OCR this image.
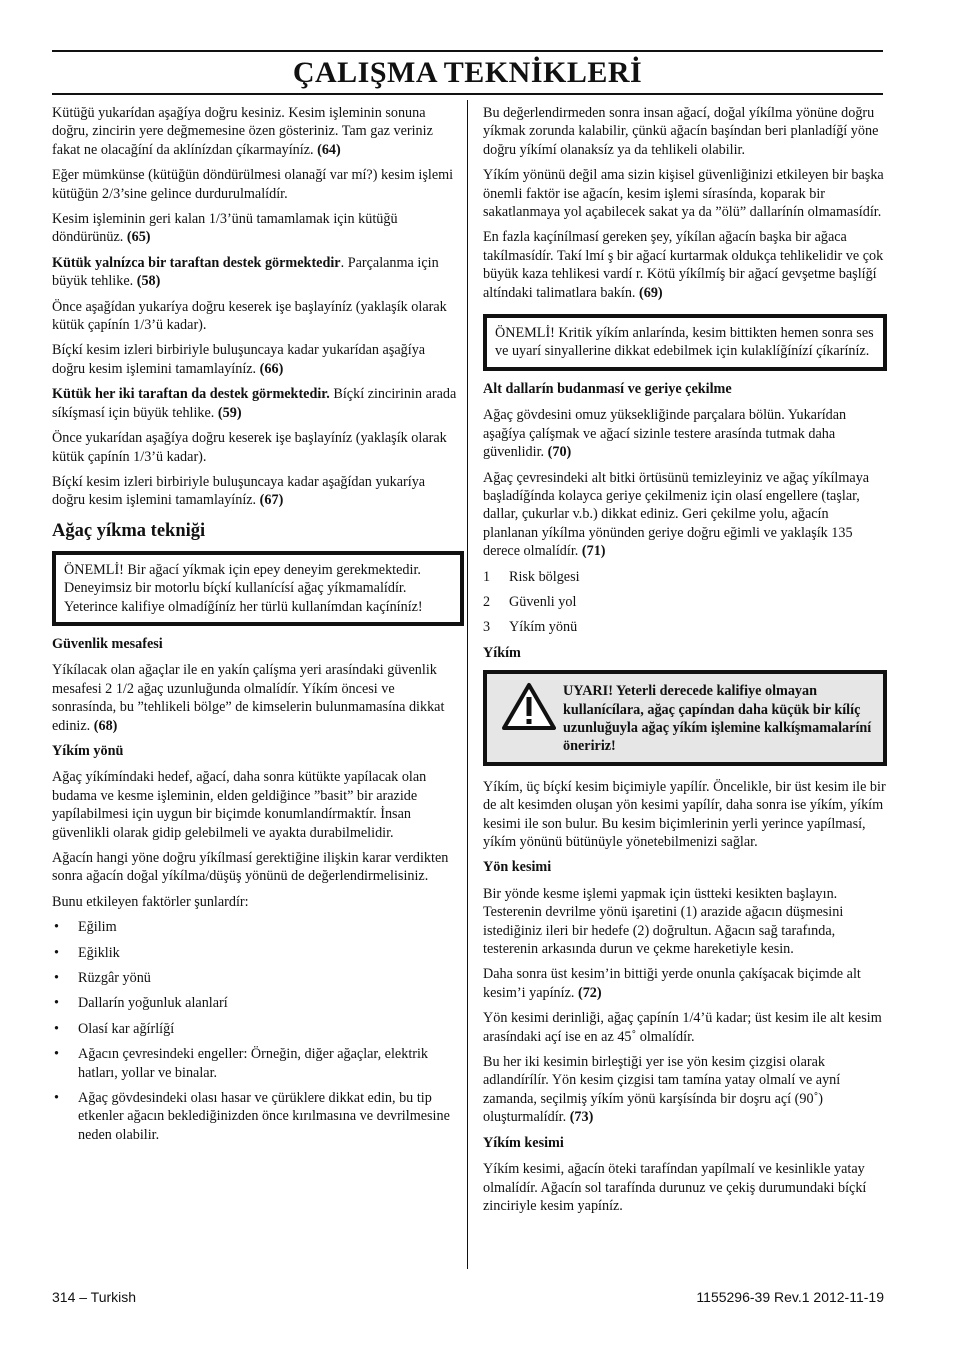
ÇALIŞMA TEKNİKLERİ

Kütüğü yukarídan aşağíya doğru kesiniz. Kesim işleminin sonuna doğru, zincirin yere değmemesine özen gösteriniz. Tam gaz veriniz fakat ne olacağíní da aklínízdan çíkarmayíníz. (64)

Eğer mümkünse (kütüğün döndürülmesi olanağí var mí?) kesim işlemi kütüğün 2/3’sine gelince durdurulmalídír.

Kesim işleminin geri kalan 1/3’ünü tamamlamak için kütüğü döndürünüz. (65)

Kütük yalnízca bir taraftan destek görmektedir. Parçalanma için büyük tehlike. (58)

Önce aşağídan yukaríya doğru keserek işe başlayíníz (yaklaşík olarak kütük çapínín 1/3’ü kadar).

Bíçkí kesim izleri birbiriyle buluşuncaya kadar yukarídan aşağíya doğru kesim işlemini tamamlayíníz. (66)

Kütük her iki taraftan da destek görmektedir. Bíçkí zincirinin arada síkíşmasí için büyük tehlike. (59)

Önce yukarídan aşağíya doğru keserek işe başlayíníz (yaklaşík olarak kütük çapínín 1/3’ü kadar).

Bíçkí kesim izleri birbiriyle buluşuncaya kadar aşağídan yukaríya doğru kesim işlemini tamamlayíníz. (67)

Ağaç yíkma tekniği
ÖNEMLİ! Bir ağací yíkmak için epey deneyim gerekmektedir. Deneyimsiz bir motorlu bíçkí kullanícísí ağaç yíkmamalídír. Yeterince kalifiye olmadíğíníz her türlü kullanímdan kaçíníníz!

Güvenlik mesafesi

Yíkílacak olan ağaçlar ile en yakín çalíşma yeri arasíndaki güvenlik mesafesi 2 1/2 ağaç uzunluğunda olmalídír. Yíkím öncesi ve sonrasínda, bu ”tehlikeli bölge” de kimselerin bulunmamasína dikkat ediniz. (68)

Yíkím yönü

Ağaç yíkímíndaki hedef, ağací, daha sonra kütükte yapílacak olan budama ve kesme işleminin, elden geldiğince ”basit” bir arazide yapílabilmesi için uygun bir biçimde konumlandírmaktír. İnsan güvenlikli olarak gidip gelebilmeli ve ayakta durabilmelidir.

Ağacín hangi yöne doğru yíkílmasí gerektiğine ilişkin karar verdikten sonra ağacín doğal yíkílma/düşüş yönünü de değerlendirmelisiniz.

Bunu etkileyen faktörler şunlardír:

• Eğilim
• Eğiklik
• Rüzgâr yönü
• Dallarín yoğunluk alanlarí
• Olasí kar ağírlíğí
• Ağacın çevresindeki engeller: Örneğin, diğer ağaçlar, elektrik hatları, yollar ve binalar.
• Ağaç gövdesindeki olası hasar ve çürüklere dikkat edin, bu tip etkenler ağacın beklediğinizden önce kırılmasına ve devrilmesine neden olabilir.

Bu değerlendirmeden sonra insan ağací, doğal yíkílma yönüne doğru yíkmak zorunda kalabilir, çünkü ağacín başíndan beri planladíğí yöne doğru yíkímí olanaksíz ya da tehlikeli olabilir.

Yíkím yönünü değil ama sizin kişisel güvenliğinizi etkileyen bir başka önemli faktör ise ağacín, kesim işlemi sírasínda, koparak bir sakatlanmaya yol açabilecek sakat ya da ”ölü” dallarínín olmamasídír.

En fazla kaçínílmasí gereken şey, yíkílan ağacín başka bir ağaca takílmasídír. Takí lmí ş bir ağací kurtarmak oldukça tehlikelidir ve çok büyük kaza tehlikesi vardí r. Kötü yíkílmíş bir ağací gevşetme başlíğí altíndaki talimatlara bakín. (69)

ÖNEMLİ! Kritik yíkím anlarínda, kesim bittikten hemen sonra ses ve uyarí sinyallerine dikkat edebilmek için kulaklíğínízí çíkaríníz.

Alt dallarín budanmasí ve geriye çekilme

Ağaç gövdesini omuz yüksekliğinde parçalara bölün. Yukarídan aşağíya çalíşmak ve ağací sizinle testere arasínda tutmak daha güvenlidir. (70)

Ağaç çevresindeki alt bitki örtüsünü temizleyiniz ve ağaç yíkílmaya başladíğínda kolayca geriye çekilmeniz için olasí engellere (taşlar, dallar, çukurlar v.b.) dikkat ediniz. Geri çekilme yolu, ağacín planlanan yíkílma yönünden geriye doğru eğimli ve yaklaşík 135 derece olmalídír. (71)

1	Risk bölgesi
2	Güvenli yol
3	Yíkím yönü

Yíkím

UYARI! Yeterli derecede kalifiye olmayan kullanícílara, ağaç çapíndan daha küçük bir kílíç uzunluğuyla ağaç yíkím işlemine kalkíşmamalaríní öneririz!

Yíkím, üç bíçkí kesim biçimiyle yapílír. Öncelikle, bir üst kesim ile bir de alt kesimden oluşan yön kesimi yapílír, daha sonra ise yíkím, yíkím kesimi ile son bulur. Bu kesim biçimlerinin yerli yerince yapílmasí, yíkím yönünü bütünüyle yönetebilmenizi sağlar.

Yön kesimi

Bir yönde kesme işlemi yapmak için üstteki kesikten başlayın. Testerenin devrilme yönü işaretini (1) arazide ağacın düşmesini istediğiniz ileri bir hedefe (2) doğrultun. Ağacın sağ tarafında, testerenin arkasında durun ve çekme hareketiyle kesin.

Daha sonra üst kesim’in bittiği yerde onunla çakíşacak biçimde alt kesim’i yapíníz. (72)

Yön kesimi derinliği, ağaç çapínín 1/4’ü kadar; üst kesim ile alt kesim arasíndaki açí ise en az 45˚ olmalídír.

Bu her iki kesimin birleştiği yer ise yön kesim çizgisi olarak adlandírílír. Yön kesim çizgisi tam tamína yatay olmalí ve ayní zamanda, seçilmiş yíkím yönü karşísínda bir doşru açí (90˚) oluşturmalídír. (73)

Yíkím kesimi

Yíkím kesimi, ağacín öteki tarafíndan yapílmalí ve kesinlikle yatay olmalídír. Ağacín sol tarafínda durunuz ve çekiş durumundaki bíçkí zinciriyle kesim yapíníz.

314 – Turkish	1155296-39 Rev.1 2012-11-19
